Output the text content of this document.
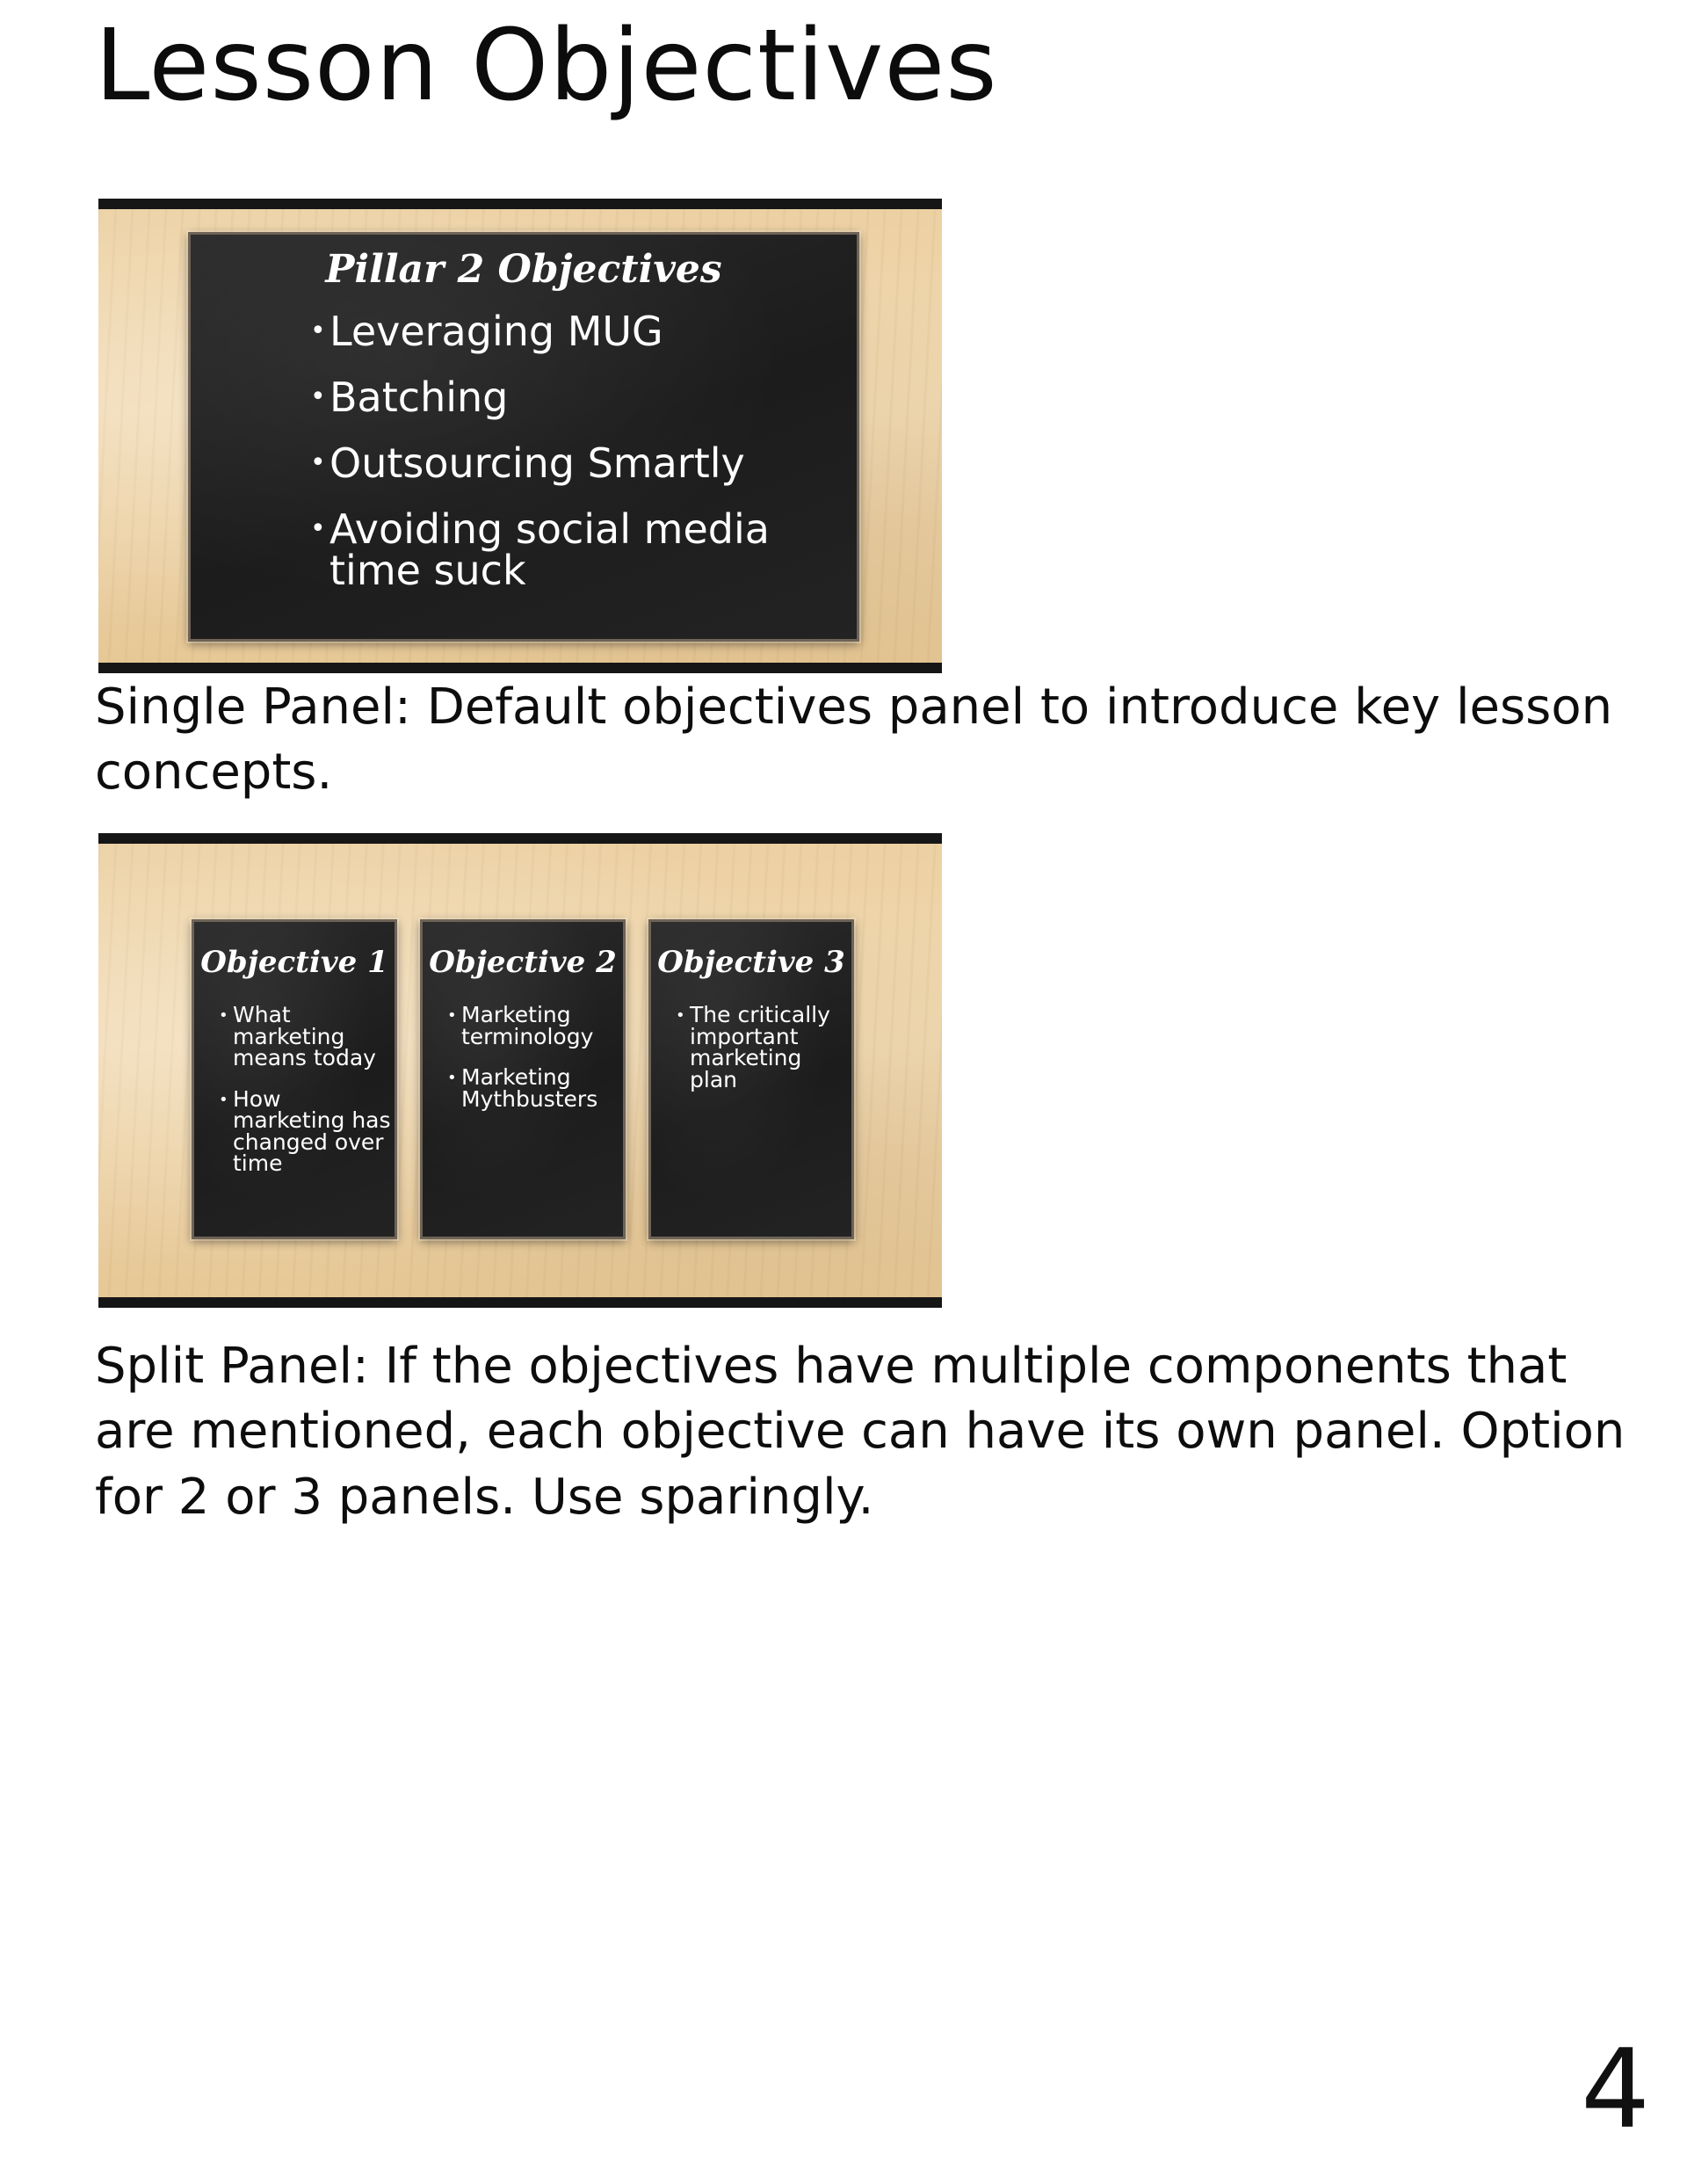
Lesson Objectives
Pillar 2 Objectives
• Leveraging MUG
• Batching
• Outsourcing Smartly
• Avoiding social media time suck

Single Panel: Default objectives panel to introduce key lesson concepts.

Objective 1
• What marketing means today
• How marketing has changed over time
Objective 2
• Marketing terminology
• Marketing Mythbusters
Objective 3
• The critically important marketing plan

Split Panel: If the objectives have multiple components that are mentioned, each objective can have its own panel. Option for 2 or 3 panels. Use sparingly.

4
